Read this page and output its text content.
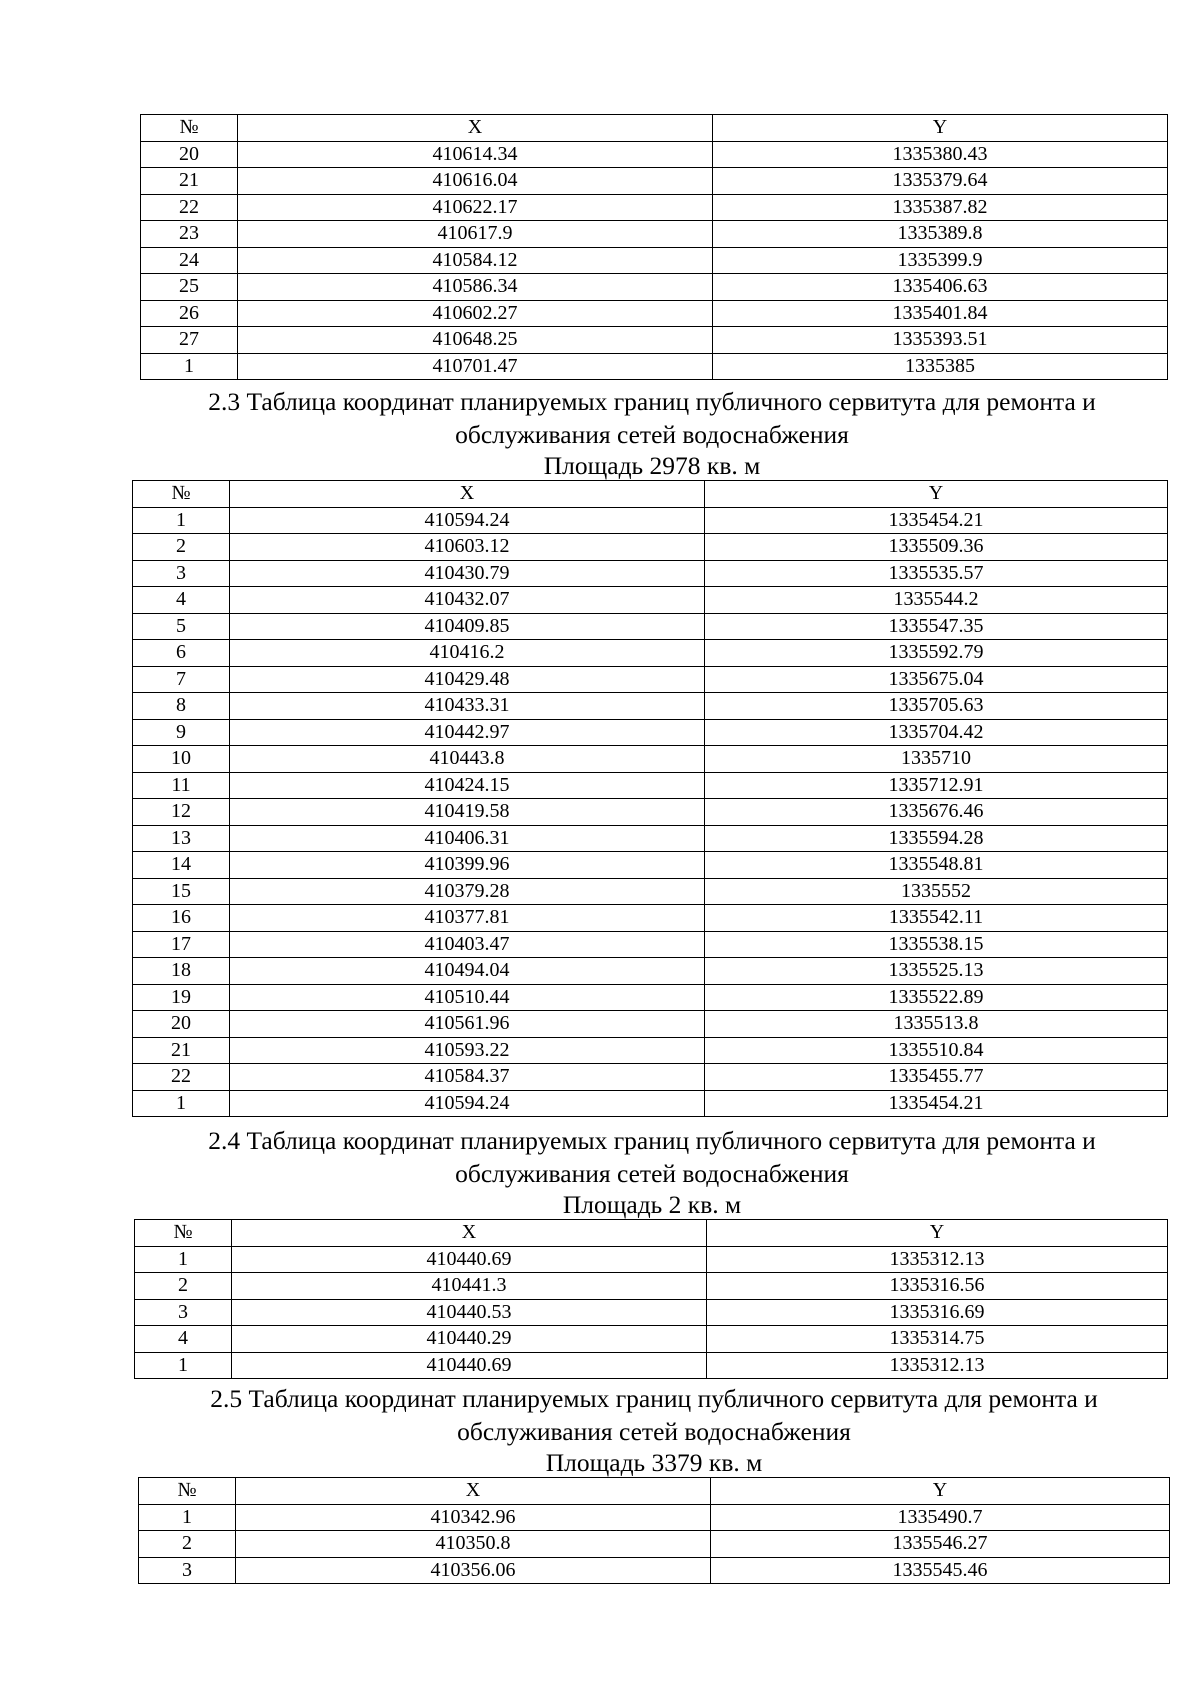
№	X	Y
20	410614.34	1335380.43
21	410616.04	1335379.64
22	410622.17	1335387.82
23	410617.9	1335389.8
24	410584.12	1335399.9
25	410586.34	1335406.63
26	410602.27	1335401.84
27	410648.25	1335393.51
1	410701.47	1335385
2.3 Таблица координат планируемых границ публичного сервитута для ремонта и
обслуживания сетей водоснабжения
Площадь 2978 кв. м
№	X	Y
1	410594.24	1335454.21
2	410603.12	1335509.36
3	410430.79	1335535.57
4	410432.07	1335544.2
5	410409.85	1335547.35
6	410416.2	1335592.79
7	410429.48	1335675.04
8	410433.31	1335705.63
9	410442.97	1335704.42
10	410443.8	1335710
11	410424.15	1335712.91
12	410419.58	1335676.46
13	410406.31	1335594.28
14	410399.96	1335548.81
15	410379.28	1335552
16	410377.81	1335542.11
17	410403.47	1335538.15
18	410494.04	1335525.13
19	410510.44	1335522.89
20	410561.96	1335513.8
21	410593.22	1335510.84
22	410584.37	1335455.77
1	410594.24	1335454.21
2.4 Таблица координат планируемых границ публичного сервитута для ремонта и
обслуживания сетей водоснабжения
Площадь 2 кв. м
№	X	Y
1	410440.69	1335312.13
2	410441.3	1335316.56
3	410440.53	1335316.69
4	410440.29	1335314.75
1	410440.69	1335312.13
2.5 Таблица координат планируемых границ публичного сервитута для ремонта и
обслуживания сетей водоснабжения
Площадь 3379 кв. м
№	X	Y
1	410342.96	1335490.7
2	410350.8	1335546.27
3	410356.06	1335545.46
